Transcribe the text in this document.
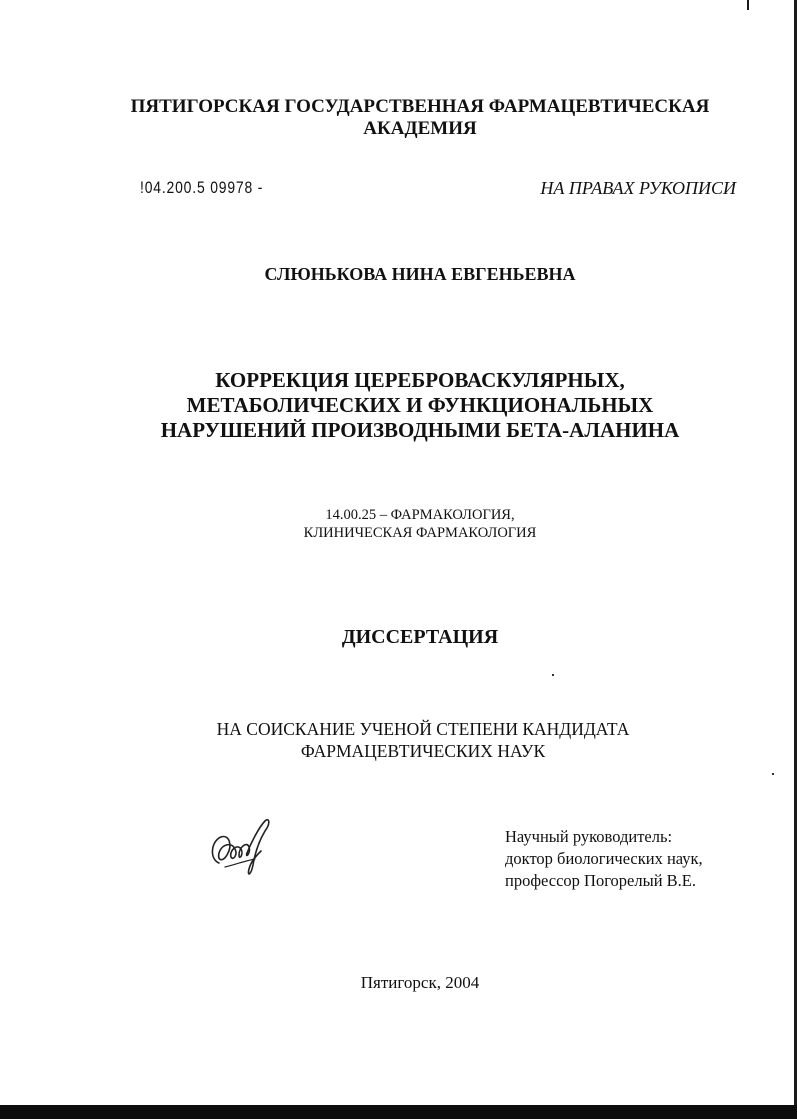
ПЯТИГОРСКАЯ ГОСУДАРСТВЕННАЯ ФАРМАЦЕВТИЧЕСКАЯ
АКАДЕМИЯ
!04.200.5 09978 -	НА ПРАВАХ РУКОПИСИ
СЛЮНЬКОВА НИНА ЕВГЕНЬЕВНА
КОРРЕКЦИЯ ЦЕРЕБРОВАСКУЛЯРНЫХ,
МЕТАБОЛИЧЕСКИХ И ФУНКЦИОНАЛЬНЫХ
НАРУШЕНИЙ ПРОИЗВОДНЫМИ БЕТА-АЛАНИНА
14.00.25 – ФАРМАКОЛОГИЯ,
КЛИНИЧЕСКАЯ ФАРМАКОЛОГИЯ
ДИССЕРТАЦИЯ
НА СОИСКАНИЕ УЧЕНОЙ СТЕПЕНИ КАНДИДАТА
ФАРМАЦЕВТИЧЕСКИХ НАУК
Научный руководитель:
доктор биологических наук,
профессор Погорелый В.Е.
Пятигорск, 2004
